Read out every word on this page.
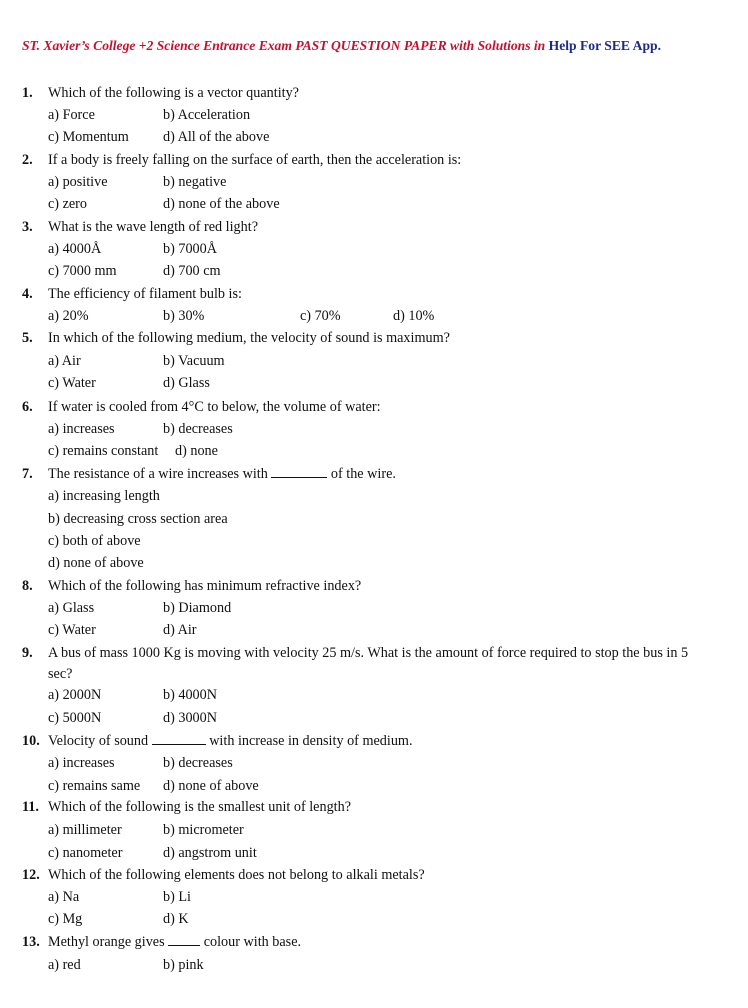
ST. Xavier’s College +2 Science Entrance Exam PAST QUESTION PAPER with Solutions in Help For SEE App.
1. Which of the following is a vector quantity?
a) Force	b) Acceleration
c) Momentum d) All of the above
2. If a body is freely falling on the surface of earth, then the acceleration is:
a) positive	b) negative
c) zero	d) none of the above
3. What is the wave length of red light?
a) 4000Å	b) 7000Å
c) 7000 mm	d) 700 cm
4. The efficiency of filament bulb is:
a) 20%	b) 30%	c) 70%	d) 10%
5. In which of the following medium, the velocity of sound is maximum?
a) Air	b) Vacuum
c) Water	d) Glass
6. If water is cooled from 4°C to below, the volume of water:
a) increases	b) decreases
c) remains constant d) none
7. The resistance of a wire increases with	of the wire.
a) increasing length
b) decreasing cross section area
c) both of above
d) none of above
8. Which of the following has minimum refractive index?
a) Glass	b) Diamond
c) Water	d) Air
9. A bus of mass 1000 Kg is moving with velocity 25 m/s. What is the amount of force required to stop the bus in 5
sec?
a) 2000N	b) 4000N
c) 5000N	d) 3000N
10. Velocity of sound	with increase in density of medium.
a) increases	b) decreases
c) remains same d) none of above
11. Which of the following is the smallest unit of length?
a) millimeter	b) micrometer
c) nanometer	d) angstrom unit
12. Which of the following elements does not belong to alkali metals?
a) Na	b) Li
c) Mg	d) K
13. Methyl orange gives	colour with base.
a) red	b) pink
